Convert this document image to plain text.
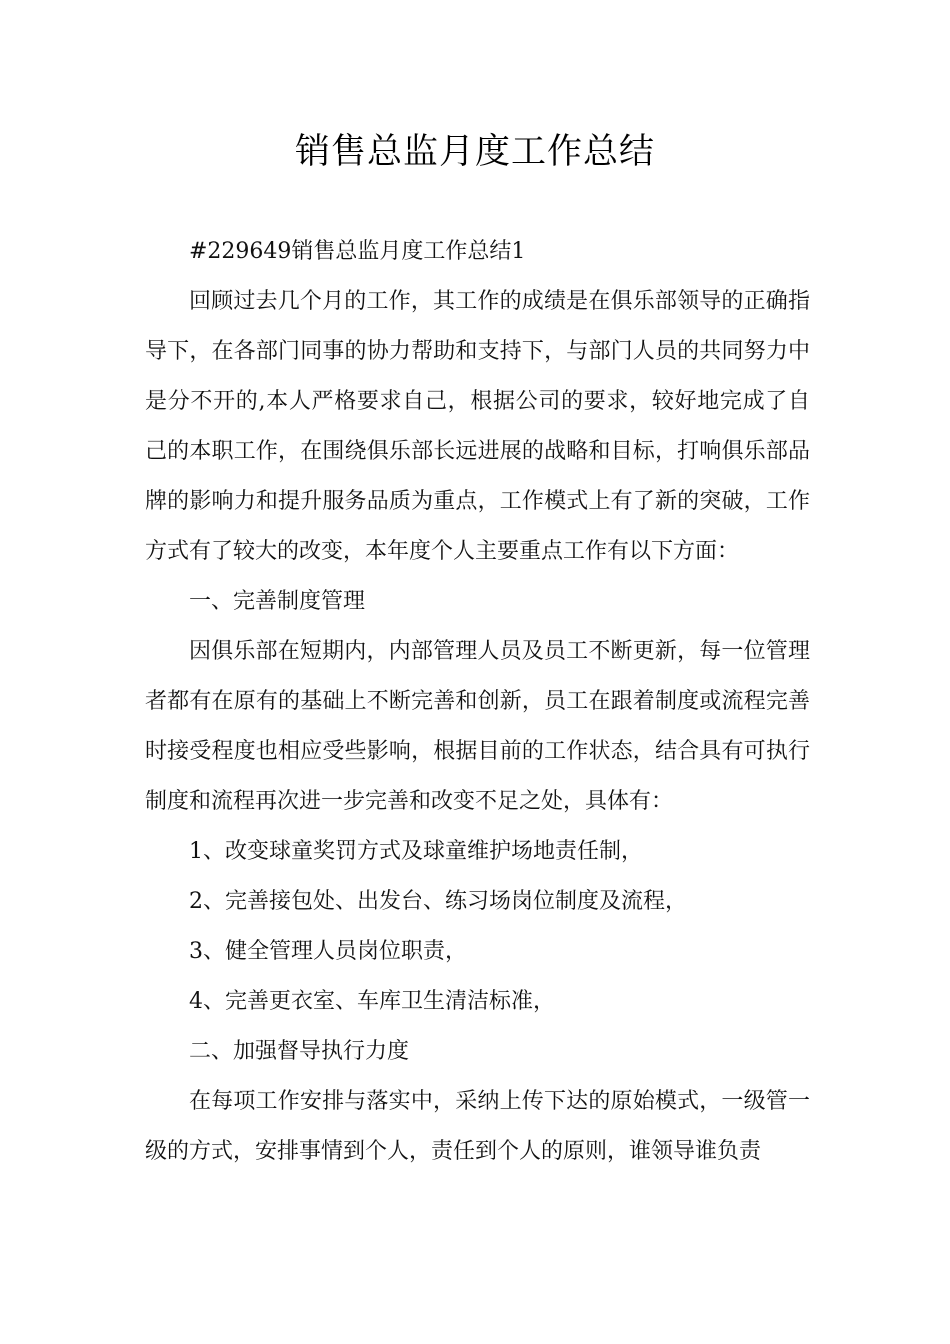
销售总监月度工作总结

#229649销售总监月度工作总结1

回顾过去几个月的工作，其工作的成绩是在俱乐部领导的正确指导下，在各部门同事的协力帮助和支持下，与部门人员的共同努力中是分不开的,本人严格要求自己，根据公司的要求，较好地完成了自己的本职工作，在围绕俱乐部长远进展的战略和目标，打响俱乐部品牌的影响力和提升服务品质为重点，工作模式上有了新的突破，工作方式有了较大的改变，本年度个人主要重点工作有以下方面：

一、完善制度管理

因俱乐部在短期内，内部管理人员及员工不断更新，每一位管理者都有在原有的基础上不断完善和创新，员工在跟着制度或流程完善时接受程度也相应受些影响，根据目前的工作状态，结合具有可执行制度和流程再次进一步完善和改变不足之处，具体有：

1、改变球童奖罚方式及球童维护场地责任制，

2、完善接包处、出发台、练习场岗位制度及流程，

3、健全管理人员岗位职责，

4、完善更衣室、车库卫生清洁标准，

二、加强督导执行力度

在每项工作安排与落实中，采纳上传下达的原始模式，一级管一级的方式，安排事情到个人，责任到个人的原则，谁领导谁负责
